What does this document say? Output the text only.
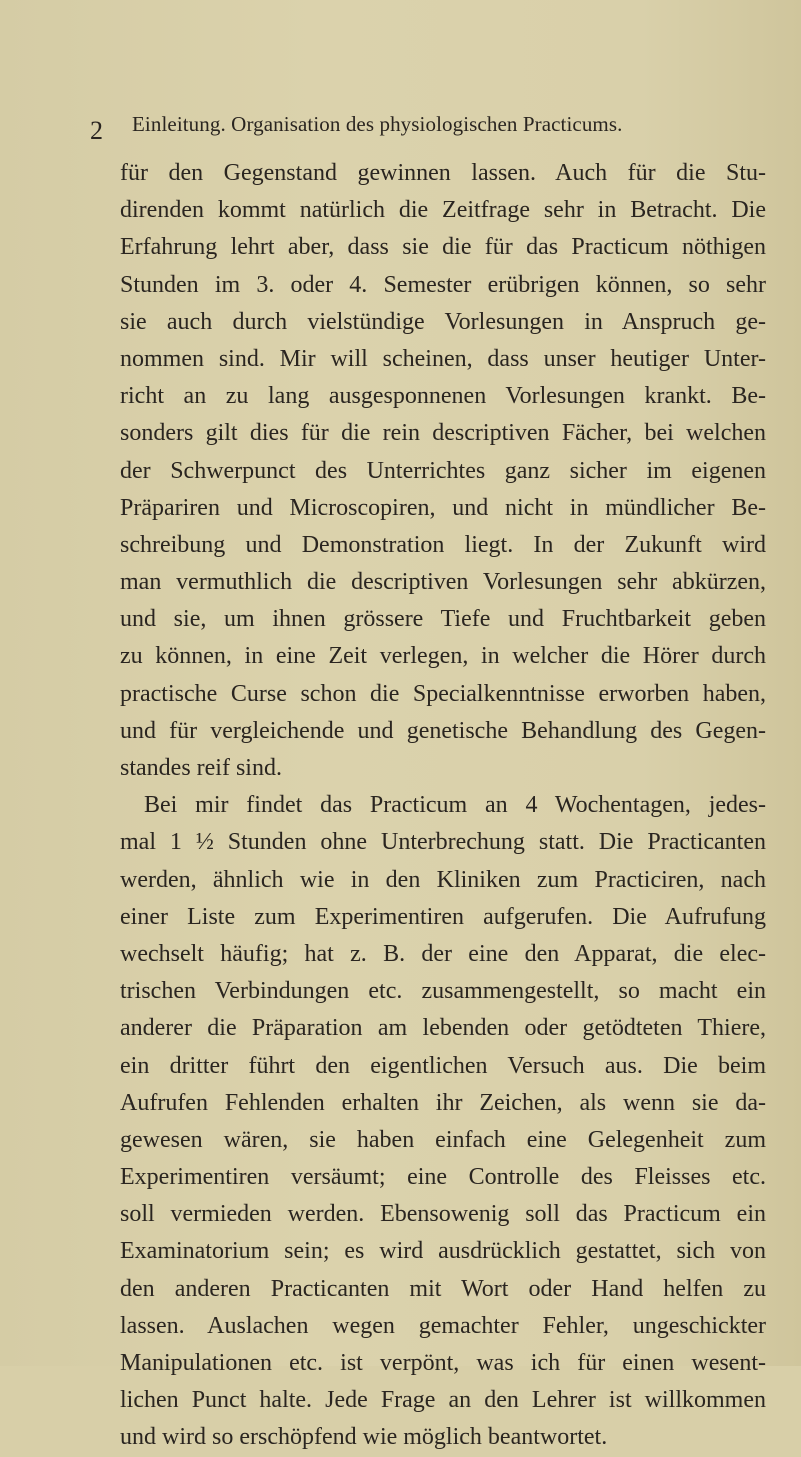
2 Einleitung. Organisation des physiologischen Practicums.
für den Gegenstand gewinnen lassen. Auch für die Stu-
direnden kommt natürlich die Zeitfrage sehr in Betracht. Die
Erfahrung lehrt aber, dass sie die für das Practicum nöthigen
Stunden im 3. oder 4. Semester erübrigen können, so sehr
sie auch durch vielstündige Vorlesungen in Anspruch ge-
nommen sind. Mir will scheinen, dass unser heutiger Unter-
richt an zu lang ausgesponnenen Vorlesungen krankt. Be-
sonders gilt dies für die rein descriptiven Fächer, bei welchen
der Schwerpunct des Unterrichtes ganz sicher im eigenen
Präpariren und Microscopiren, und nicht in mündlicher Be-
schreibung und Demonstration liegt. In der Zukunft wird
man vermuthlich die descriptiven Vorlesungen sehr abkürzen,
und sie, um ihnen grössere Tiefe und Fruchtbarkeit geben
zu können, in eine Zeit verlegen, in welcher die Hörer durch
practische Curse schon die Specialkenntnisse erworben haben,
und für vergleichende und genetische Behandlung des Gegen-
standes reif sind.
Bei mir findet das Practicum an 4 Wochentagen, jedes-
mal 1 ½ Stunden ohne Unterbrechung statt. Die Practicanten
werden, ähnlich wie in den Kliniken zum Practiciren, nach
einer Liste zum Experimentiren aufgerufen. Die Aufrufung
wechselt häufig; hat z. B. der eine den Apparat, die elec-
trischen Verbindungen etc. zusammengestellt, so macht ein
anderer die Präparation am lebenden oder getödteten Thiere,
ein dritter führt den eigentlichen Versuch aus. Die beim
Aufrufen Fehlenden erhalten ihr Zeichen, als wenn sie da-
gewesen wären, sie haben einfach eine Gelegenheit zum
Experimentiren versäumt; eine Controlle des Fleisses etc.
soll vermieden werden. Ebensowenig soll das Practicum ein
Examinatorium sein; es wird ausdrücklich gestattet, sich von
den anderen Practicanten mit Wort oder Hand helfen zu
lassen. Auslachen wegen gemachter Fehler, ungeschickter
Manipulationen etc. ist verpönt, was ich für einen wesent-
lichen Punct halte. Jede Frage an den Lehrer ist willkommen
und wird so erschöpfend wie möglich beantwortet.
